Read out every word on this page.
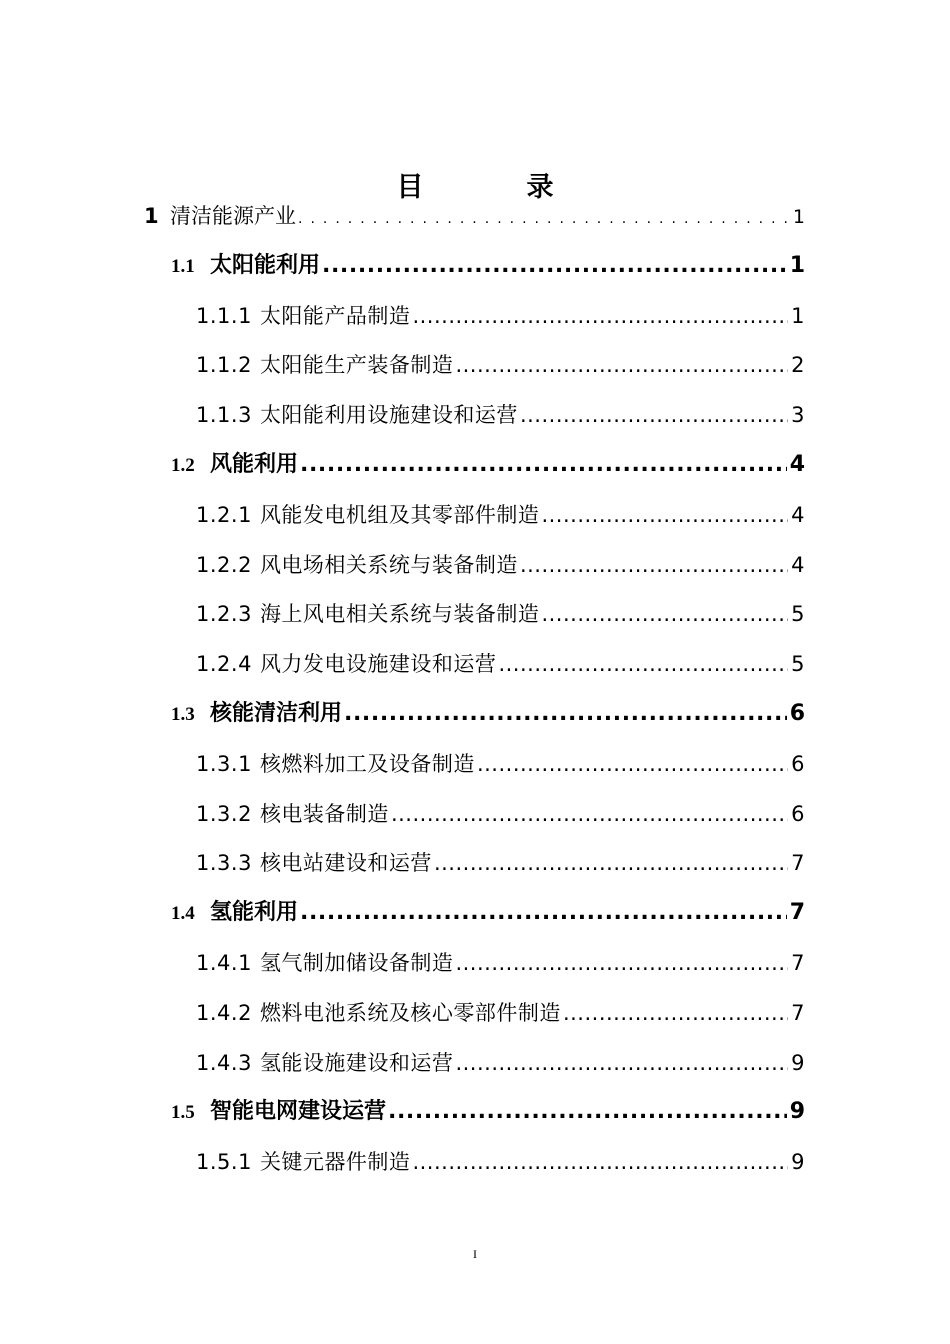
目　录
1 清洁能源产业 .....	1
1.1 太阳能利用 .....	1
1.1.1 太阳能产品制造 .....	1
1.1.2 太阳能生产装备制造 .....	2
1.1.3 太阳能利用设施建设和运营 .....	3
1.2 风能利用 .....	4
1.2.1 风能发电机组及其零部件制造 .....	4
1.2.2 风电场相关系统与装备制造 .....	4
1.2.3 海上风电相关系统与装备制造 .....	5
1.2.4 风力发电设施建设和运营 .....	5
1.3 核能清洁利用 .....	6
1.3.1 核燃料加工及设备制造 .....	6
1.3.2 核电装备制造 .....	6
1.3.3 核电站建设和运营 .....	7
1.4 氢能利用 .....	7
1.4.1 氢气制加储设备制造 .....	7
1.4.2 燃料电池系统及核心零部件制造 .....	7
1.4.3 氢能设施建设和运营 .....	9
1.5 智能电网建设运营 .....	9
1.5.1 关键元器件制造 .....	9
I
